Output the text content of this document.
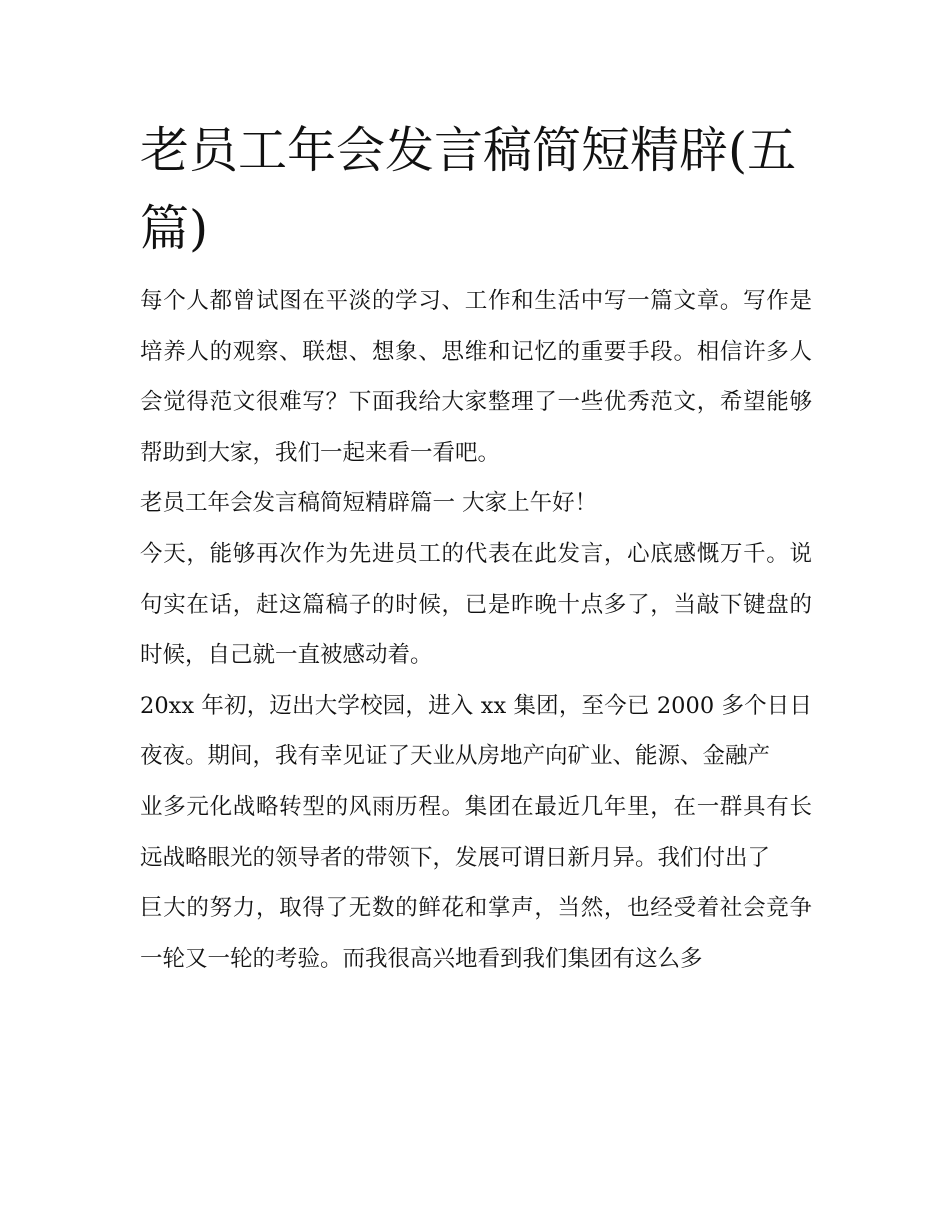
老员工年会发言稿简短精辟(五篇)

每个人都曾试图在平淡的学习、工作和生活中写一篇文章。写作是培养人的观察、联想、想象、思维和记忆的重要手段。相信许多人会觉得范文很难写？下面我给大家整理了一些优秀范文，希望能够帮助到大家，我们一起来看一看吧。

老员工年会发言稿简短精辟篇一 大家上午好！

今天，能够再次作为先进员工的代表在此发言，心底感慨万千。说句实在话，赶这篇稿子的时候，已是昨晚十点多了，当敲下键盘的时候，自己就一直被感动着。

20xx 年初，迈出大学校园，进入 xx 集团，至今已 2000 多个日日夜夜。期间，我有幸见证了天业从房地产向矿业、能源、金融产

业多元化战略转型的风雨历程。集团在最近几年里，在一群具有长远战略眼光的领导者的带领下，发展可谓日新月异。我们付出了

巨大的努力，取得了无数的鲜花和掌声，当然，也经受着社会竞争一轮又一轮的考验。而我很高兴地看到我们集团有这么多
